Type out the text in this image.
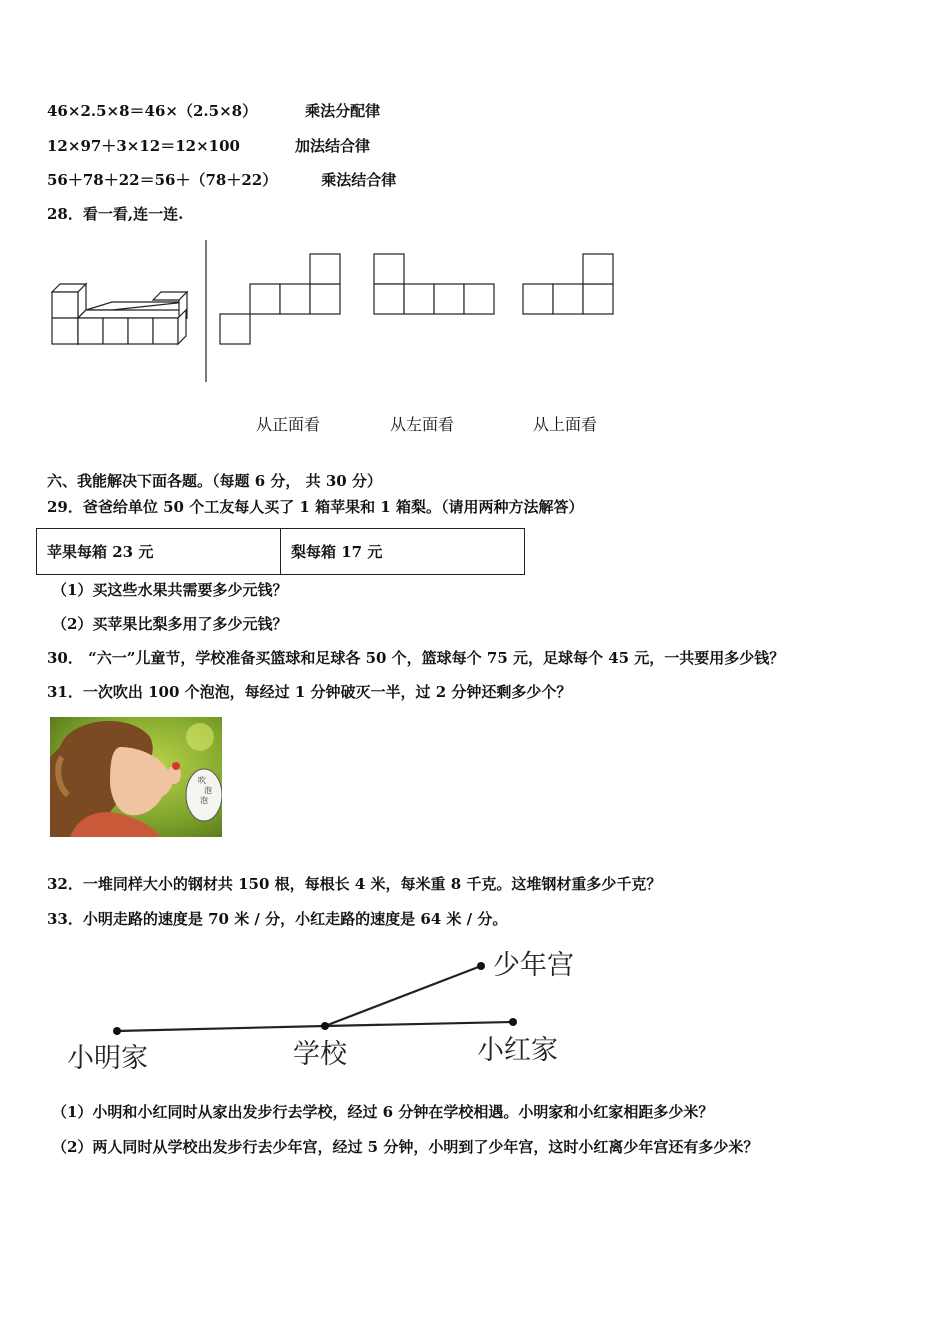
46×2.5×8＝46×（2.5×8）	乘法分配律
12×97＋3×12＝12×100	加法结合律
56＋78＋22＝56＋（78＋22）	乘法结合律
28．看一看,连一连.
从正面看	从左面看	从上面看
六、我能解决下面各题。（每题 6 分， 共 30 分）
29．爸爸给单位 50 个工友每人买了 1 箱苹果和 1 箱梨。（请用两种方法解答）
苹果每箱 23 元	梨每箱 17 元
（1）买这些水果共需要多少元钱？
（2）买苹果比梨多用了多少元钱？
30． “六一”儿童节，学校准备买篮球和足球各 50 个，篮球每个 75 元，足球每个 45 元，一共要用多少钱？
31．一次吹出 100 个泡泡，每经过 1 分钟破灭一半，过 2 分钟还剩多少个？
吹 泡 泡
32．一堆同样大小的钢材共 150 根，每根长 4 米，每米重 8 千克。这堆钢材重多少千克？
33．小明走路的速度是 70 米 / 分，小红走路的速度是 64 米 / 分。
少年宫
小明家	学校	小红家
（1）小明和小红同时从家出发步行去学校，经过 6 分钟在学校相遇。小明家和小红家相距多少米？
（2）两人同时从学校出发步行去少年宫，经过 5 分钟，小明到了少年宫，这时小红离少年宫还有多少米？
